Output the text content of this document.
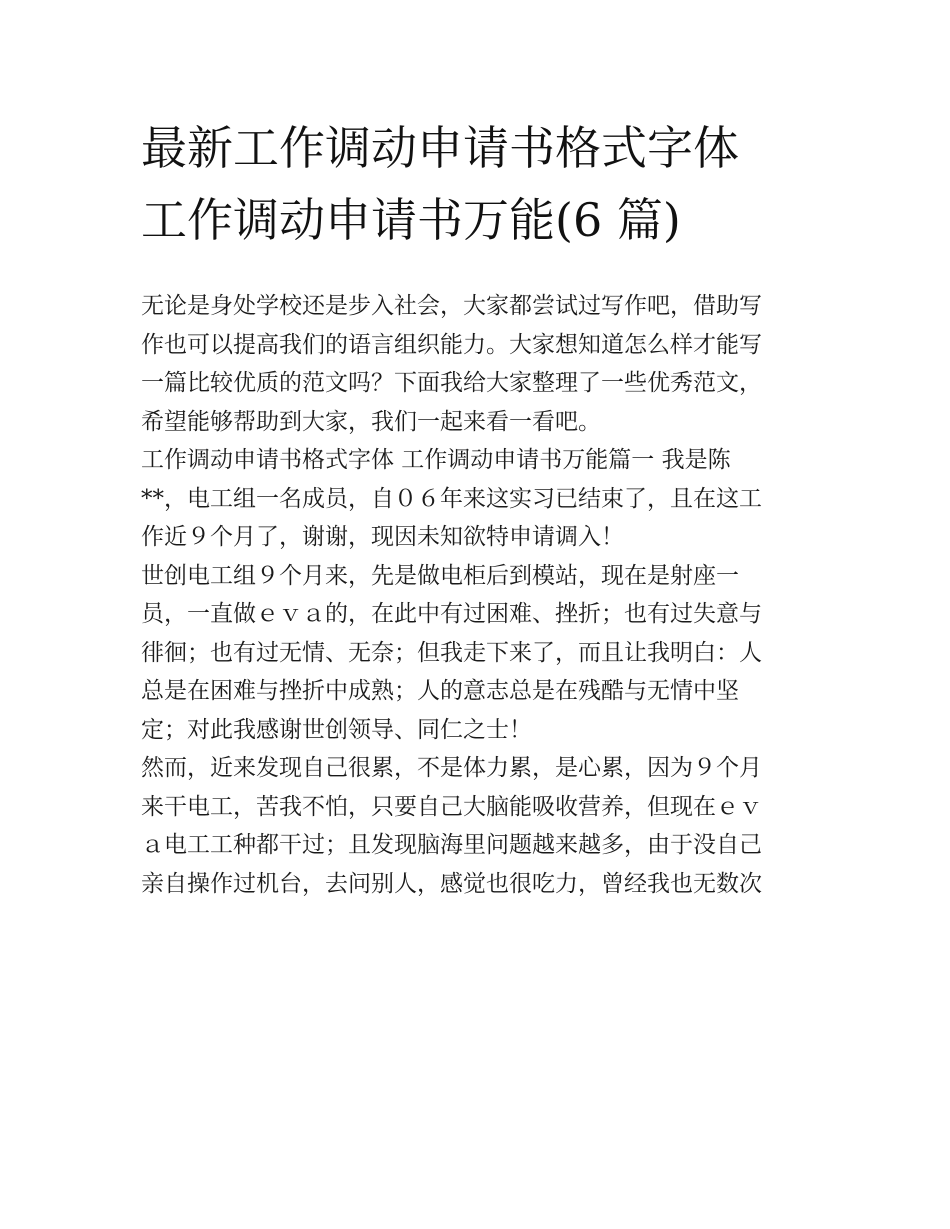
最新工作调动申请书格式字体
工作调动申请书万能(6 篇)
无论是身处学校还是步入社会，大家都尝试过写作吧，借助写
作也可以提高我们的语言组织能力。大家想知道怎么样才能写
一篇比较优质的范文吗？下面我给大家整理了一些优秀范文，
希望能够帮助到大家，我们一起来看一看吧。
工作调动申请书格式字体 工作调动申请书万能篇一 我是陈
**，电工组一名成员，自０６年来这实习已结束了，且在这工
作近９个月了，谢谢，现因未知欲特申请调入！
世创电工组９个月来，先是做电柜后到模站，现在是射座一
员，一直做ｅｖａ的，在此中有过困难、挫折；也有过失意与
徘徊；也有过无情、无奈；但我走下来了，而且让我明白：人
总是在困难与挫折中成熟；人的意志总是在残酷与无情中坚
定；对此我感谢世创领导、同仁之士！
然而，近来发现自己很累，不是体力累，是心累，因为９个月
来干电工，苦我不怕，只要自己大脑能吸收营养，但现在ｅｖ
ａ电工工种都干过；且发现脑海里问题越来越多，由于没自己
亲自操作过机台，去问别人，感觉也很吃力，曾经我也无数次
